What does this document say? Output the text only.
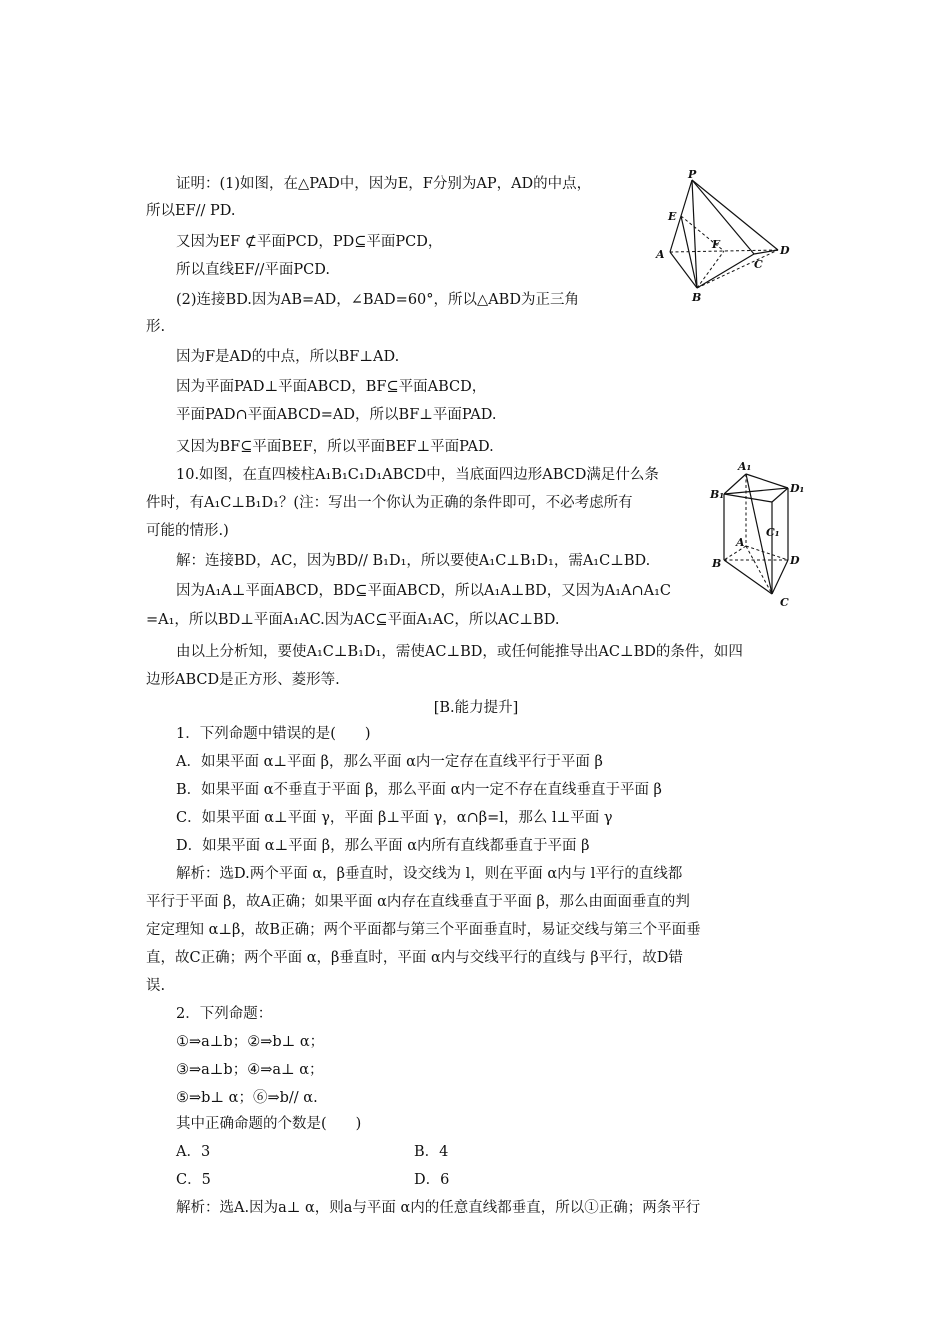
证明：(1)如图，在△PAD中，因为E，F分别为AP，AD的中点，
所以EF// PD.
又因为EF ⊄平面PCD，PD⊆平面PCD，
所以直线EF//平面PCD.
(2)连接BD.因为AB=AD，∠BAD=60°，所以△ABD为正三角
形.
因为F是AD的中点，所以BF⊥AD.
因为平面PAD⊥平面ABCD，BF⊆平面ABCD，
平面PAD∩平面ABCD=AD，所以BF⊥平面PAD.
又因为BF⊆平面BEF，所以平面BEF⊥平面PAD.
P
E
F
A	D
B
C
10.如图，在直四棱柱A₁B₁C₁D₁ABCD中，当底面四边形ABCD满足什么条
件时，有A₁C⊥B₁D₁？(注：写出一个你认为正确的条件即可，不必考虑所有
可能的情形.)
解：连接BD，AC，因为BD// B₁D₁，所以要使A₁C⊥B₁D₁，需A₁C⊥BD.
因为A₁A⊥平面ABCD，BD⊆平面ABCD，所以A₁A⊥BD，又因为A₁A∩A₁C
=A₁，所以BD⊥平面A₁AC.因为AC⊆平面A₁AC，所以AC⊥BD.
由以上分析知，要使A₁C⊥B₁D₁，需使AC⊥BD，或任何能推导出AC⊥BD的条件，如四
边形ABCD是正方形、菱形等.
A₁
B₁	D₁
C₁
A
B	D
C
[B.能力提升]
1．下列命题中错误的是(　　)
A．如果平面 α⊥平面 β，那么平面 α内一定存在直线平行于平面 β
B．如果平面 α不垂直于平面 β，那么平面 α内一定不存在直线垂直于平面 β
C．如果平面 α⊥平面 γ，平面 β⊥平面 γ，α∩β=l，那么 l⊥平面 γ
D．如果平面 α⊥平面 β，那么平面 α内所有直线都垂直于平面 β
解析：选D.两个平面 α，β垂直时，设交线为 l，则在平面 α内与 l平行的直线都
平行于平面 β，故A正确；如果平面 α内存在直线垂直于平面 β，那么由面面垂直的判
定定理知 α⊥β，故B正确；两个平面都与第三个平面垂直时，易证交线与第三个平面垂
直，故C正确；两个平面 α，β垂直时，平面 α内与交线平行的直线与 β平行，故D错
误.
2．下列命题：
①⇒a⊥b；②⇒b⊥ α；
③⇒a⊥b；④⇒a⊥ α；
⑤⇒b⊥ α；⑥⇒b// α.
其中正确命题的个数是(　　)
A．3	B．4
C．5	D．6
解析：选A.因为a⊥ α，则a与平面 α内的任意直线都垂直，所以①正确；两条平行
